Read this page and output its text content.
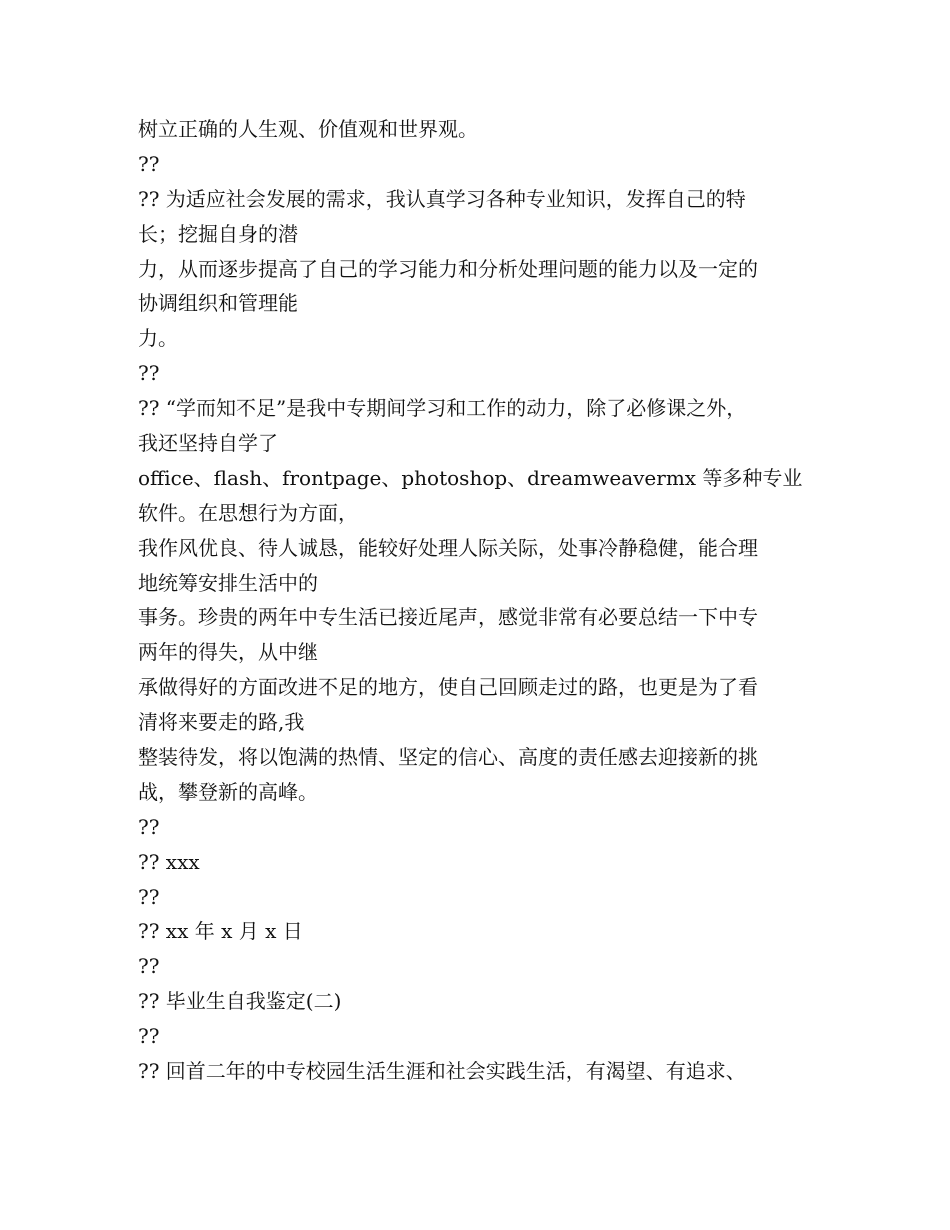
树立正确的人生观、价值观和世界观。
??
?? 为适应社会发展的需求，我认真学习各种专业知识，发挥自己的特
长；挖掘自身的潜
力，从而逐步提高了自己的学习能力和分析处理问题的能力以及一定的
协调组织和管理能
力。
??
?? “学而知不足”是我中专期间学习和工作的动力，除了必修课之外，
我还坚持自学了
office、flash、frontpage、photoshop、dreamweavermx 等多种专业
软件。在思想行为方面，
我作风优良、待人诚恳，能较好处理人际关际，处事冷静稳健，能合理
地统筹安排生活中的
事务。珍贵的两年中专生活已接近尾声，感觉非常有必要总结一下中专
两年的得失，从中继
承做得好的方面改进不足的地方，使自己回顾走过的路，也更是为了看
清将来要走的路,我
整装待发，将以饱满的热情、坚定的信心、高度的责任感去迎接新的挑
战，攀登新的高峰。
??
?? xxx
??
?? xx 年 x 月 x 日
??
?? 毕业生自我鉴定(二)
??
?? 回首二年的中专校园生活生涯和社会实践生活，有渴望、有追求、
